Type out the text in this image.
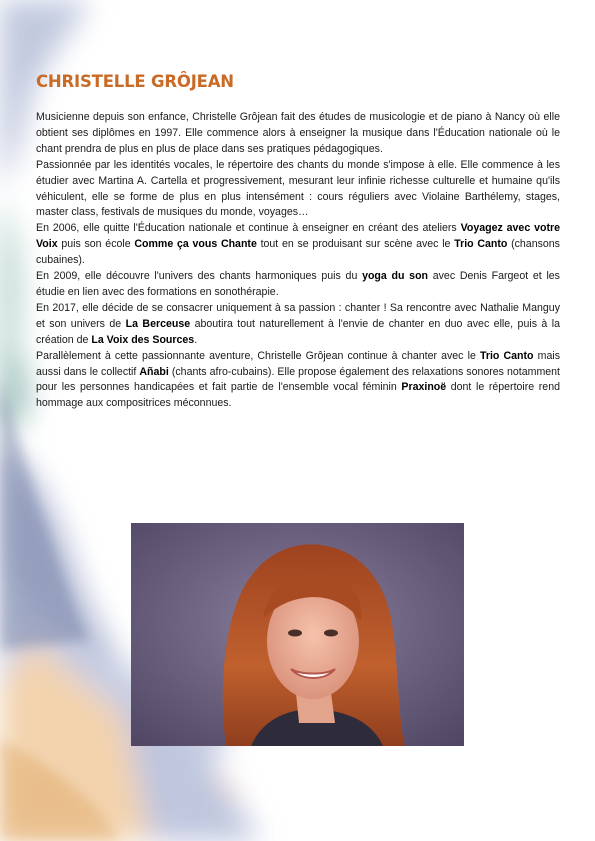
CHRISTELLE GRÔJEAN

Musicienne depuis son enfance, Christelle Grôjean fait des études de musicologie et de piano à Nancy où elle obtient ses diplômes en 1997. Elle commence alors à enseigner la musique dans l'Éducation nationale où le chant prendra de plus en plus de place dans ses pratiques pédagogiques.

Passionnée par les identités vocales, le répertoire des chants du monde s'impose à elle. Elle commence à les étudier avec Martina A. Cartella et progressivement, mesurant leur infinie richesse culturelle et humaine qu'ils véhiculent, elle se forme de plus en plus intensément : cours réguliers avec Violaine Barthélemy, stages, master class, festivals de musiques du monde, voyages…

En 2006, elle quitte l'Éducation nationale et continue à enseigner en créant des ateliers Voyagez avec votre Voix puis son école Comme ça vous Chante tout en se produisant sur scène avec le Trio Canto (chansons cubaines).

En 2009, elle découvre l'univers des chants harmoniques puis du yoga du son avec Denis Fargeot et les étudie en lien avec des formations en sonothérapie.

En 2017, elle décide de se consacrer uniquement à sa passion : chanter ! Sa rencontre avec Nathalie Manguy et son univers de La Berceuse aboutira tout naturellement à l'envie de chanter en duo avec elle, puis à la création de La Voix des Sources.

Parallèlement à cette passionnante aventure, Christelle Grôjean continue à chanter avec le Trio Canto mais aussi dans le collectif Añabi (chants afro-cubains). Elle propose également des relaxations sonores notamment pour les personnes handicapées et fait partie de l'ensemble vocal féminin Praxinoë dont le répertoire rend hommage aux compositrices méconnues.
